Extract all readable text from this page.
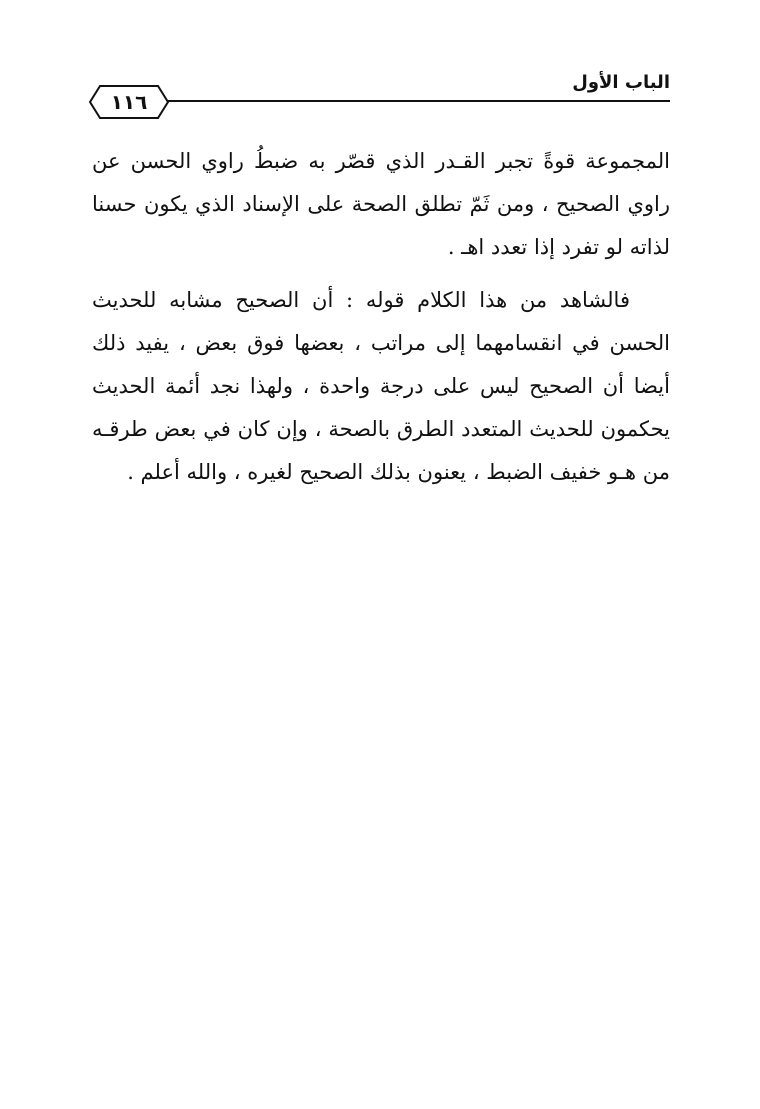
١١٦
الباب الأول

المجموعة قوةً تجبر القـدر الذي قصّر به ضبطُ راوي الحسن عن راوي الصحيح ، ومن ثَمّ تطلق الصحة على الإسناد الذي يكون حسنا لذاته لو تفرد إذا تعدد اهـ .

فالشاهد من هذا الكلام قوله : أن الصحيح مشابه للحديث الحسن في انقسامهما إلى مراتب ، بعضها فوق بعض ، يفيد ذلك أيضا أن الصحيح ليس على درجة واحدة ، ولهذا نجد أئمة الحديث يحكمون للحديث المتعدد الطرق بالصحة ، وإن كان في بعض طرقـه من هـو خفيف الضبط ، يعنون بذلك الصحيح لغيره ، والله أعلم .
